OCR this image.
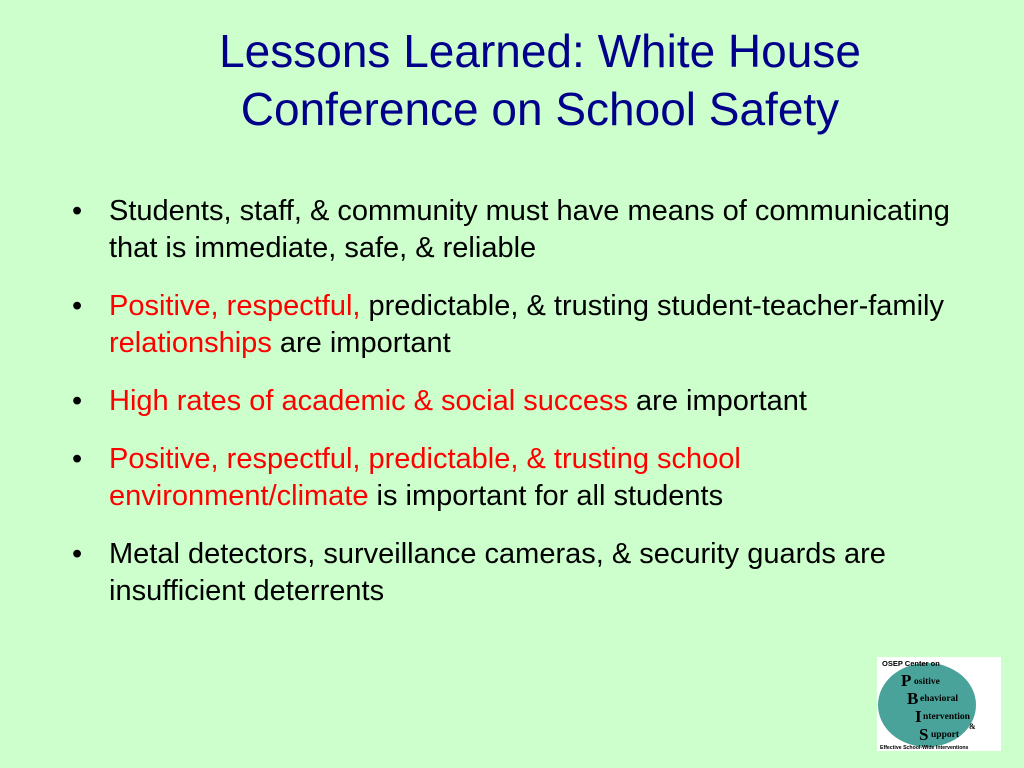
Lessons Learned: White House
Conference on School Safety
• Students, staff, & community must have means of communicating that is immediate, safe, & reliable
• Positive, respectful, predictable, & trusting student-teacher-family relationships are important
• High rates of academic & social success are important
• Positive, respectful, predictable, & trusting school environment/climate is important for all students
• Metal detectors, surveillance cameras, & security guards are insufficient deterrents
OSEP Center on
P ositive
B ehavioral
I ntervention
&
S upport
Effective School-Wide Interventions
